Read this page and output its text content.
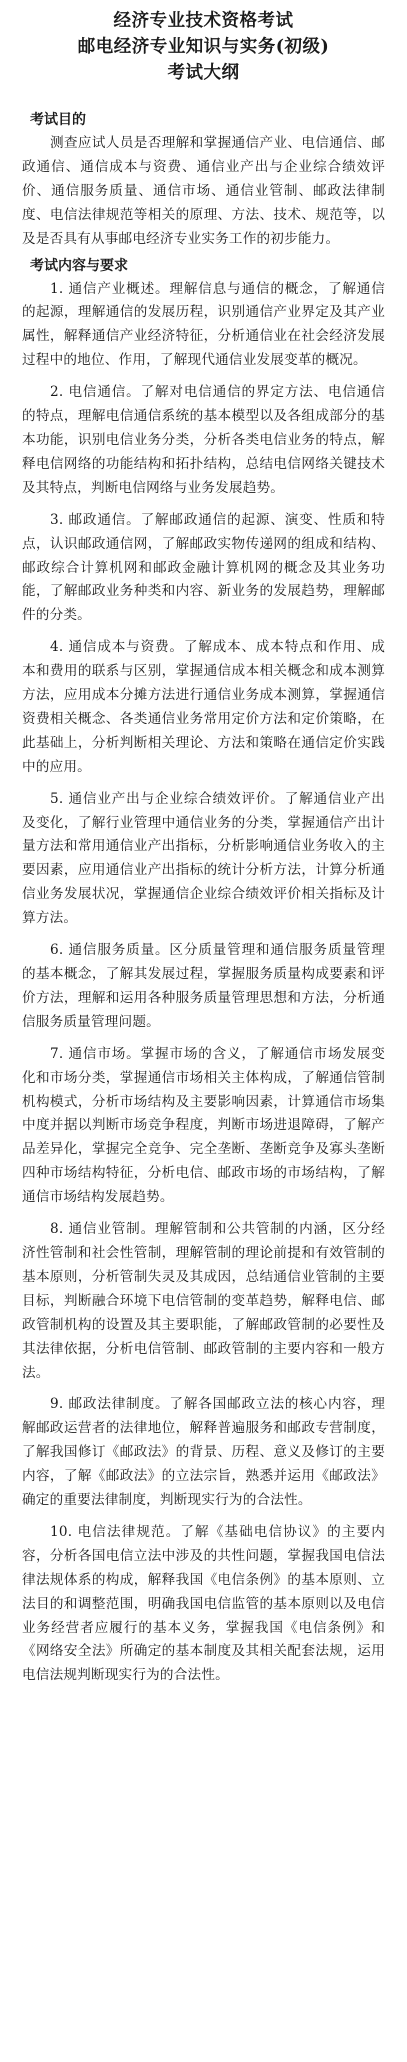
经济专业技术资格考试
邮电经济专业知识与实务(初级)
考试大纲
考试目的

测查应试人员是否理解和掌握通信产业、电信通信、邮政通信、通信成本与资费、通信业产出与企业综合绩效评价、通信服务质量、通信市场、通信业管制、邮政法律制度、电信法律规范等相关的原理、方法、技术、规范等，以及是否具有从事邮电经济专业实务工作的初步能力。

考试内容与要求

1. 通信产业概述。理解信息与通信的概念，了解通信的起源，理解通信的发展历程，识别通信产业界定及其产业属性，解释通信产业经济特征，分析通信业在社会经济发展过程中的地位、作用，了解现代通信业发展变革的概况。

2. 电信通信。了解对电信通信的界定方法、电信通信的特点，理解电信通信系统的基本模型以及各组成部分的基本功能，识别电信业务分类，分析各类电信业务的特点，解释电信网络的功能结构和拓扑结构，总结电信网络关键技术及其特点，判断电信网络与业务发展趋势。

3. 邮政通信。了解邮政通信的起源、演变、性质和特点，认识邮政通信网，了解邮政实物传递网的组成和结构、邮政综合计算机网和邮政金融计算机网的概念及其业务功能，了解邮政业务种类和内容、新业务的发展趋势，理解邮件的分类。

4. 通信成本与资费。了解成本、成本特点和作用、成本和费用的联系与区别，掌握通信成本相关概念和成本测算方法，应用成本分摊方法进行通信业务成本测算，掌握通信资费相关概念、各类通信业务常用定价方法和定价策略，在此基础上，分析判断相关理论、方法和策略在通信定价实践中的应用。

5. 通信业产出与企业综合绩效评价。了解通信业产出及变化，了解行业管理中通信业务的分类，掌握通信产出计量方法和常用通信业产出指标，分析影响通信业务收入的主要因素，应用通信业产出指标的统计分析方法，计算分析通信业务发展状况，掌握通信企业综合绩效评价相关指标及计算方法。

6. 通信服务质量。区分质量管理和通信服务质量管理的基本概念，了解其发展过程，掌握服务质量构成要素和评价方法，理解和运用各种服务质量管理思想和方法，分析通信服务质量管理问题。

7. 通信市场。掌握市场的含义，了解通信市场发展变化和市场分类，掌握通信市场相关主体构成，了解通信管制机构模式，分析市场结构及主要影响因素，计算通信市场集中度并据以判断市场竞争程度，判断市场进退障碍，了解产品差异化，掌握完全竞争、完全垄断、垄断竞争及寡头垄断四种市场结构特征，分析电信、邮政市场的市场结构，了解通信市场结构发展趋势。

8. 通信业管制。理解管制和公共管制的内涵，区分经济性管制和社会性管制，理解管制的理论前提和有效管制的基本原则，分析管制失灵及其成因，总结通信业管制的主要目标，判断融合环境下电信管制的变革趋势，解释电信、邮政管制机构的设置及其主要职能，了解邮政管制的必要性及其法律依据，分析电信管制、邮政管制的主要内容和一般方法。

9. 邮政法律制度。了解各国邮政立法的核心内容，理解邮政运营者的法律地位，解释普遍服务和邮政专营制度，了解我国修订《邮政法》的背景、历程、意义及修订的主要内容，了解《邮政法》的立法宗旨，熟悉并运用《邮政法》确定的重要法律制度，判断现实行为的合法性。

10. 电信法律规范。了解《基础电信协议》的主要内容，分析各国电信立法中涉及的共性问题，掌握我国电信法律法规体系的构成，解释我国《电信条例》的基本原则、立法目的和调整范围，明确我国电信监管的基本原则以及电信业务经营者应履行的基本义务，掌握我国《电信条例》和《网络安全法》所确定的基本制度及其相关配套法规，运用电信法规判断现实行为的合法性。
